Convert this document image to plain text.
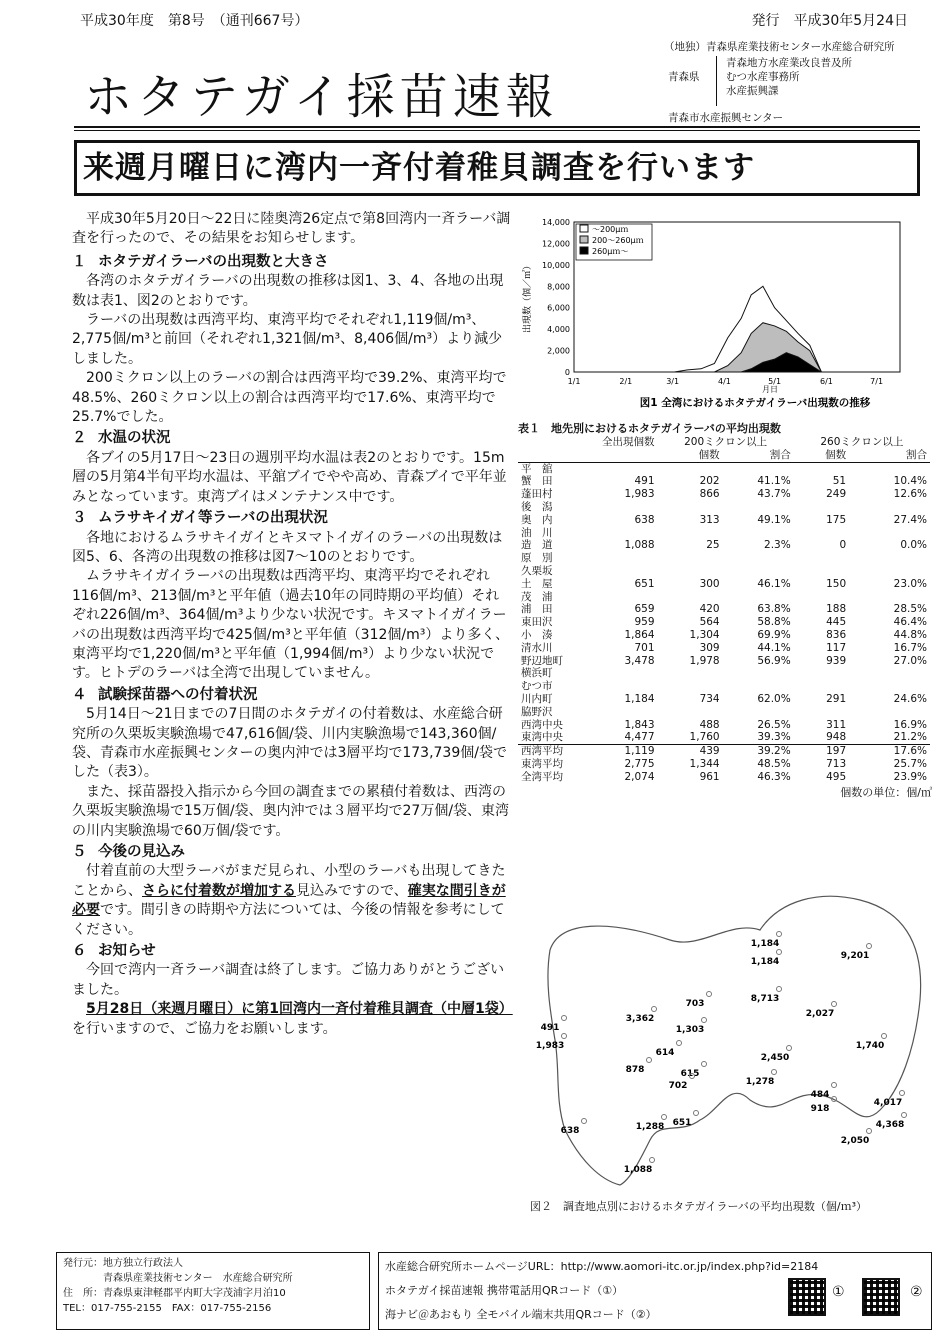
平成30年度　第8号　（通刊667号）	発行　平成30年5月24日
ホタテガイ採苗速報
（地独）青森県産業技術センター水産総合研究所
青森県
青森地方水産業改良普及所
むつ水産事務所
水産振興課
青森市水産振興センター
来週月曜日に湾内一斉付着稚貝調査を行います

平成30年5月20日～22日に陸奥湾26定点で第8回湾内一斉ラーバ調査を行ったので、その結果をお知らせします。

１ ホタテガイラーバの出現数と大きさ

各湾のホタテガイラーバの出現数の推移は図1、3、4、各地の出現数は表1、図2のとおりです。

ラーバの出現数は西湾平均、東湾平均でそれぞれ1,119個/m³、2,775個/m³と前回（それぞれ1,321個/m³、8,406個/m³）より減少しました。

200ミクロン以上のラーバの割合は西湾平均で39.2%、東湾平均で48.5%、260ミクロン以上の割合は西湾平均で17.6%、東湾平均で25.7%でした。

２ 水温の状況

各ブイの5月17日～23日の週別平均水温は表2のとおりです。15m層の5月第4半旬平均水温は、平舘ブイでやや高め、青森ブイで平年並みとなっています。東湾ブイはメンテナンス中です。

３ ムラサキイガイ等ラーバの出現状況

各地におけるムラサキイガイとキヌマトイガイのラーバの出現数は図5、6、各湾の出現数の推移は図7～10のとおりです。

ムラサキイガイラーバの出現数は西湾平均、東湾平均でそれぞれ116個/m³、213個/m³と平年値（過去10年の同時期の平均値）それぞれ226個/m³、364個/m³より少ない状況です。キヌマトイガイラーバの出現数は西湾平均で425個/m³と平年値（312個/m³）より多く、東湾平均で1,220個/m³と平年値（1,994個/m³）より少ない状況です。ヒトデのラーバは全湾で出現していません。

４ 試験採苗器への付着状況

5月14日～21日までの7日間のホタテガイの付着数は、水産総合研究所の久栗坂実験漁場で47,616個/袋、川内実験漁場で143,360個/袋、青森市水産振興センターの奥内沖では3層平均で173,739個/袋でした（表3）。

また、採苗器投入指示から今回の調査までの累積付着数は、西湾の久栗坂実験漁場で15万個/袋、奥内沖では３層平均で27万個/袋、東湾の川内実験漁場で60万個/袋です。

５ 今後の見込み

付着直前の大型ラーバがまだ見られ、小型のラーバも出現してきたことから、さらに付着数が増加する見込みですので、確実な間引きが必要です。間引きの時期や方法については、今後の情報を参考にしてください。

６ お知らせ

今回で湾内一斉ラーバ調査は終了します。ご協力ありがとうございました。

5月28日（来週月曜日）に第1回湾内一斉付着稚貝調査（中層1袋）を行いますので、ご協力をお願いします。

14,000
12,000
10,000
8,000
6,000
4,000
2,000
0
1/1	2/1	3/1	4/1	5/1	6/1	7/1
月日
出現数（個／㎥）
～200μｍ
200～260μｍ
260μｍ～
図1 全湾におけるホタテガイラーバ出現数の推移
表１　地先別におけるホタテガイラーバの平均出現数
	全出現個数	200ミクロン以上		260ミクロン以上	
		個数	割合	個数	割合
平　舘					
蟹　田	491	202	41.1%	51	10.4%
蓬田村	1,983	866	43.7%	249	12.6%
後　潟					
奥　内	638	313	49.1%	175	27.4%
油　川					
造　道	1,088	25	2.3%	0	0.0%
原　別					
久栗坂					
土　屋	651	300	46.1%	150	23.0%
茂　浦					
浦　田	659	420	63.8%	188	28.5%
東田沢	959	564	58.8%	445	46.4%
小　湊	1,864	1,304	69.9%	836	44.8%
清水川	701	309	44.1%	117	16.7%
野辺地町	3,478	1,978	56.9%	939	27.0%
横浜町					
むつ市					
川内町	1,184	734	62.0%	291	24.6%
脇野沢					
西湾中央	1,843	488	26.5%	311	16.9%
東湾中央	4,477	1,760	39.3%	948	21.2%
西湾平均	1,119	439	39.2%	197	17.6%
東湾平均	2,775	1,344	48.5%	713	25.7%
全湾平均	2,074	961	46.3%	495	23.9%
個数の単位：個/㎥
1,184
1,184
9,201
703	8,713
2,027
491
3,362
1,303
1,983
614
1,740
878	615
2,450
702	1,278
484
4,017
918
4,368
638	1,288 651
2,050
1,088
図２　調査地点別におけるホタテガイラーバの平均出現数（個/ｍ³）
発行元：地方独立行政法人
青森県産業技術センター　水産総合研究所
住　所：青森県東津軽郡平内町大字茂浦字月泊10
TEL：017-755-2155　FAX：017-755-2156
水産総合研究所ホームページURL：http://www.aomori-itc.or.jp/index.php?id=2184
ホタテガイ採苗速報 携帯電話用QRコード（①）
海ナビ＠あおもり 全モバイル端末共用QRコード（②）
①	②
